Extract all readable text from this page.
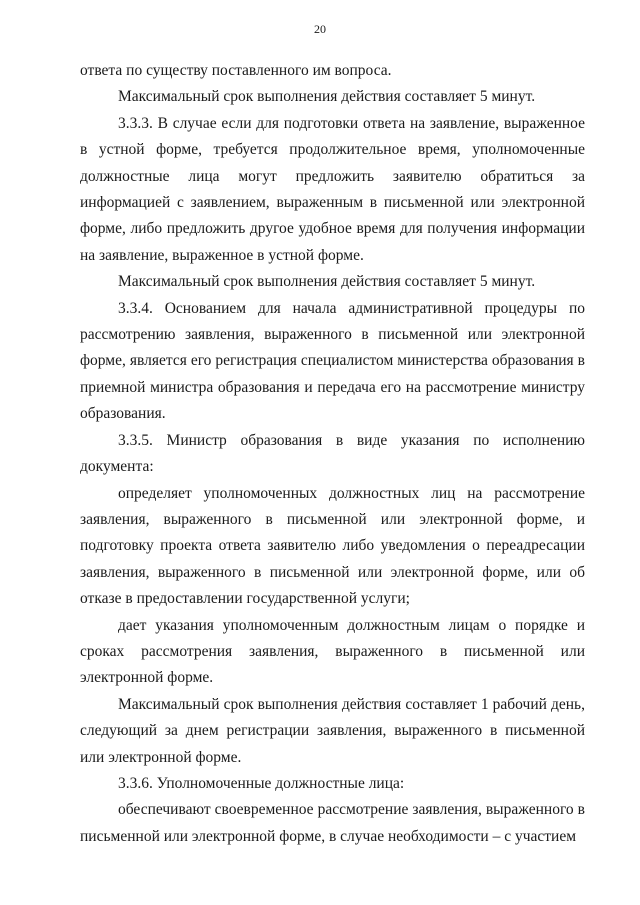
20

ответа по существу поставленного им вопроса.

Максимальный срок выполнения действия составляет 5 минут.

3.3.3. В случае если для подготовки ответа на заявление, выраженное в устной форме, требуется продолжительное время, уполномоченные должностные лица могут предложить заявителю обратиться за информацией с заявлением, выраженным в письменной или электронной форме, либо предложить другое удобное время для получения информации на заявление, выраженное в устной форме.

Максимальный срок выполнения действия составляет 5 минут.

3.3.4. Основанием для начала административной процедуры по рассмотрению заявления, выраженного в письменной или электронной форме, является его регистрация специалистом министерства образования в приемной министра образования и передача его на рассмотрение министру образования.

3.3.5. Министр образования в виде указания по исполнению документа:

определяет уполномоченных должностных лиц на рассмотрение заявления, выраженного в письменной или электронной форме, и подготовку проекта ответа заявителю либо уведомления о переадресации заявления, выраженного в письменной или электронной форме, или об отказе в предоставлении государственной услуги;

дает указания уполномоченным должностным лицам о порядке и сроках рассмотрения заявления, выраженного в письменной или электронной форме.

Максимальный срок выполнения действия составляет 1 рабочий день, следующий за днем регистрации заявления, выраженного в письменной или электронной форме.

3.3.6. Уполномоченные должностные лица:

обеспечивают своевременное рассмотрение заявления, выраженного в письменной или электронной форме, в случае необходимости – с участием
